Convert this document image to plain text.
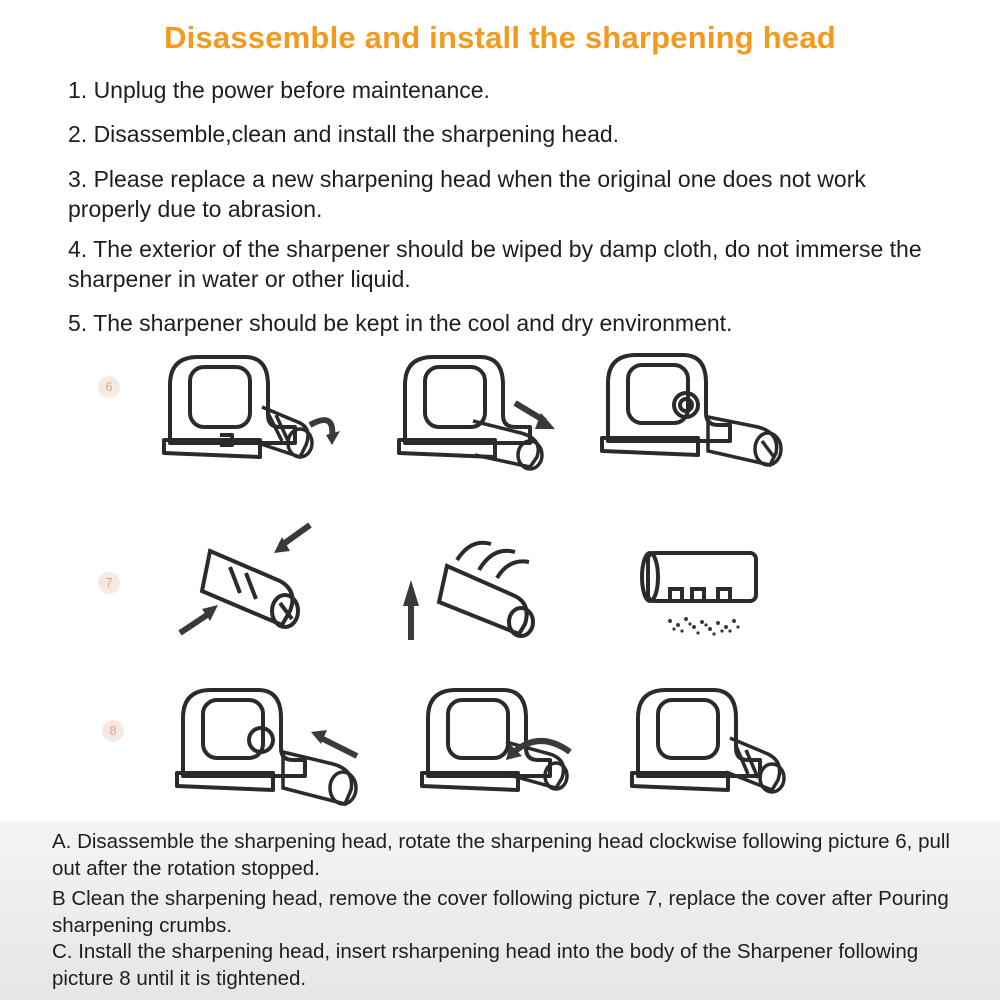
Disassemble and install the sharpening head

1. Unplug the power before maintenance.

2. Disassemble,clean and install the sharpening head.

3. Please replace a new sharpening head when the original one does not work properly due to abrasion.

4. The exterior of the sharpener should be wiped by damp cloth, do not immerse the sharpener in water or other liquid.

5. The sharpener should be kept in the cool and dry environment.

6
7
8

A. Disassemble the sharpening head, rotate the sharpening head clockwise following picture 6, pull out after the rotation stopped.

B Clean the sharpening head, remove the cover following picture 7, replace the cover after Pouring sharpening crumbs.

C. Install the sharpening head, insert rsharpening head into the body of the Sharpener following picture 8 until it is tightened.
